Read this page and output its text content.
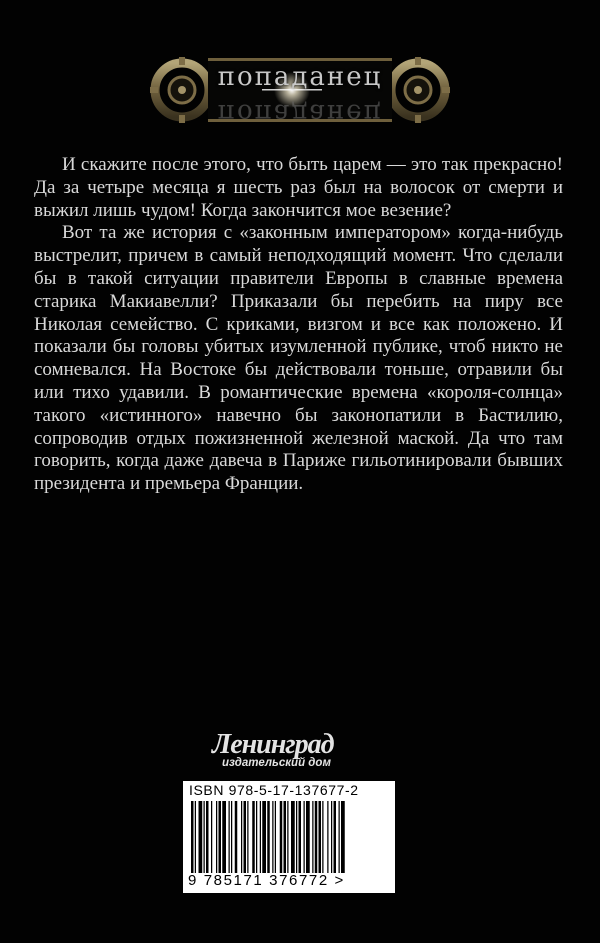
попаданец
попаданец

И скажите после этого, что быть царем — это так прекрасно! Да за четыре месяца я шесть раз был на волосок от смерти и выжил лишь чудом! Когда закончится мое везение?

Вот та же история с «законным императором» когда-нибудь выстрелит, причем в самый неподходящий момент. Что сделали бы в такой ситуации правители Европы в славные времена старика Макиавелли? Приказали бы перебить на пиру все Николая семейство. С криками, визгом и все как положено. И показали бы головы убитых изумленной публике, чтоб никто не сомневался. На Востоке бы действовали тоньше, отравили бы или тихо удавили. В романтические времена «короля-солнца» такого «истинного» навечно бы законопатили в Бастилию, сопроводив отдых пожизненной железной маской. Да что там говорить, когда даже давеча в Париже гильотинировали бывших президента и премьера Франции.

Ленинград
издательский дом
ISBN 978-5-17-137677-2
9 785171 376772 >
